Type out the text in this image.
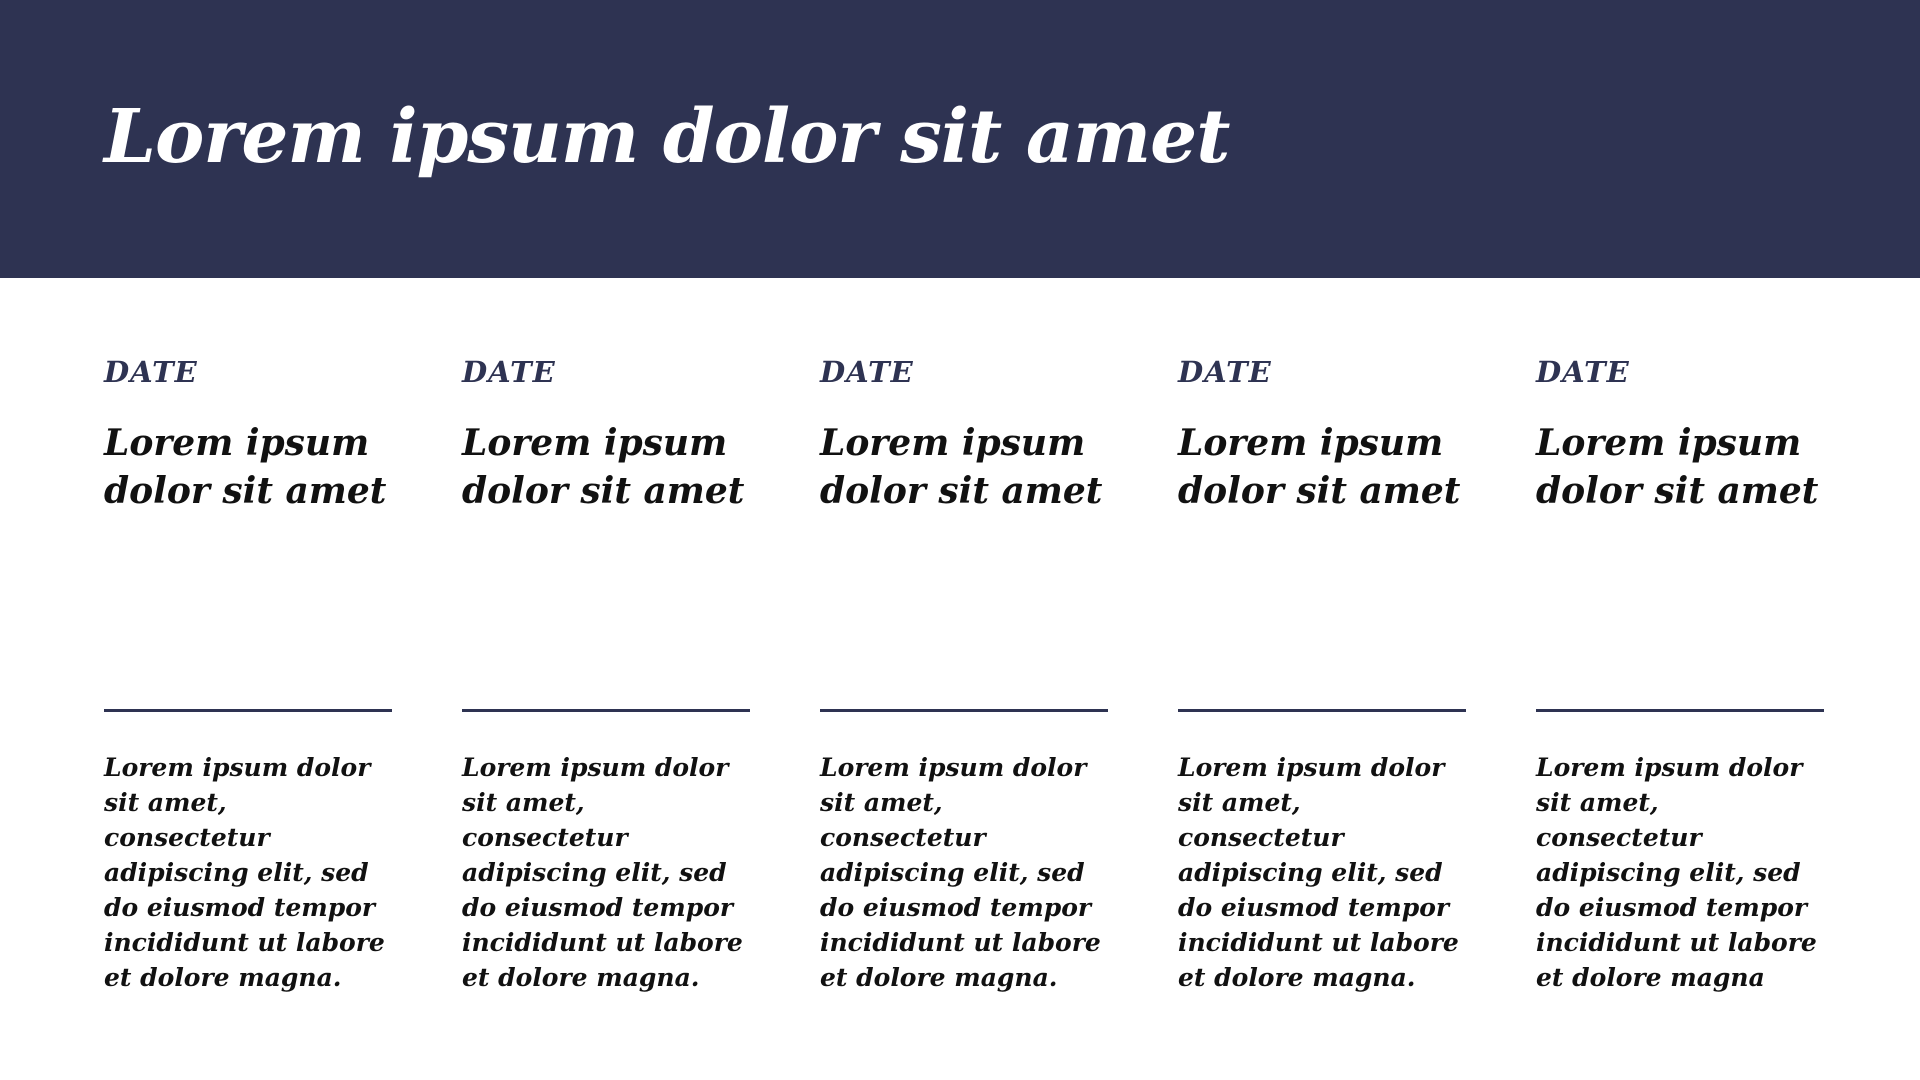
Lorem ipsum dolor sit amet

DATE

Lorem ipsum dolor sit amet

Lorem ipsum dolor sit amet, consectetur adipiscing elit, sed do eiusmod tempor incididunt ut labore et dolore magna.

DATE

Lorem ipsum dolor sit amet

Lorem ipsum dolor sit amet, consectetur adipiscing elit, sed do eiusmod tempor incididunt ut labore et dolore magna.

DATE

Lorem ipsum dolor sit amet

Lorem ipsum dolor sit amet, consectetur adipiscing elit, sed do eiusmod tempor incididunt ut labore et dolore magna.

DATE

Lorem ipsum dolor sit amet

Lorem ipsum dolor sit amet, consectetur adipiscing elit, sed do eiusmod tempor incididunt ut labore et dolore magna.

DATE

Lorem ipsum dolor sit amet

Lorem ipsum dolor sit amet, consectetur adipiscing elit, sed do eiusmod tempor incididunt ut labore et dolore magna
